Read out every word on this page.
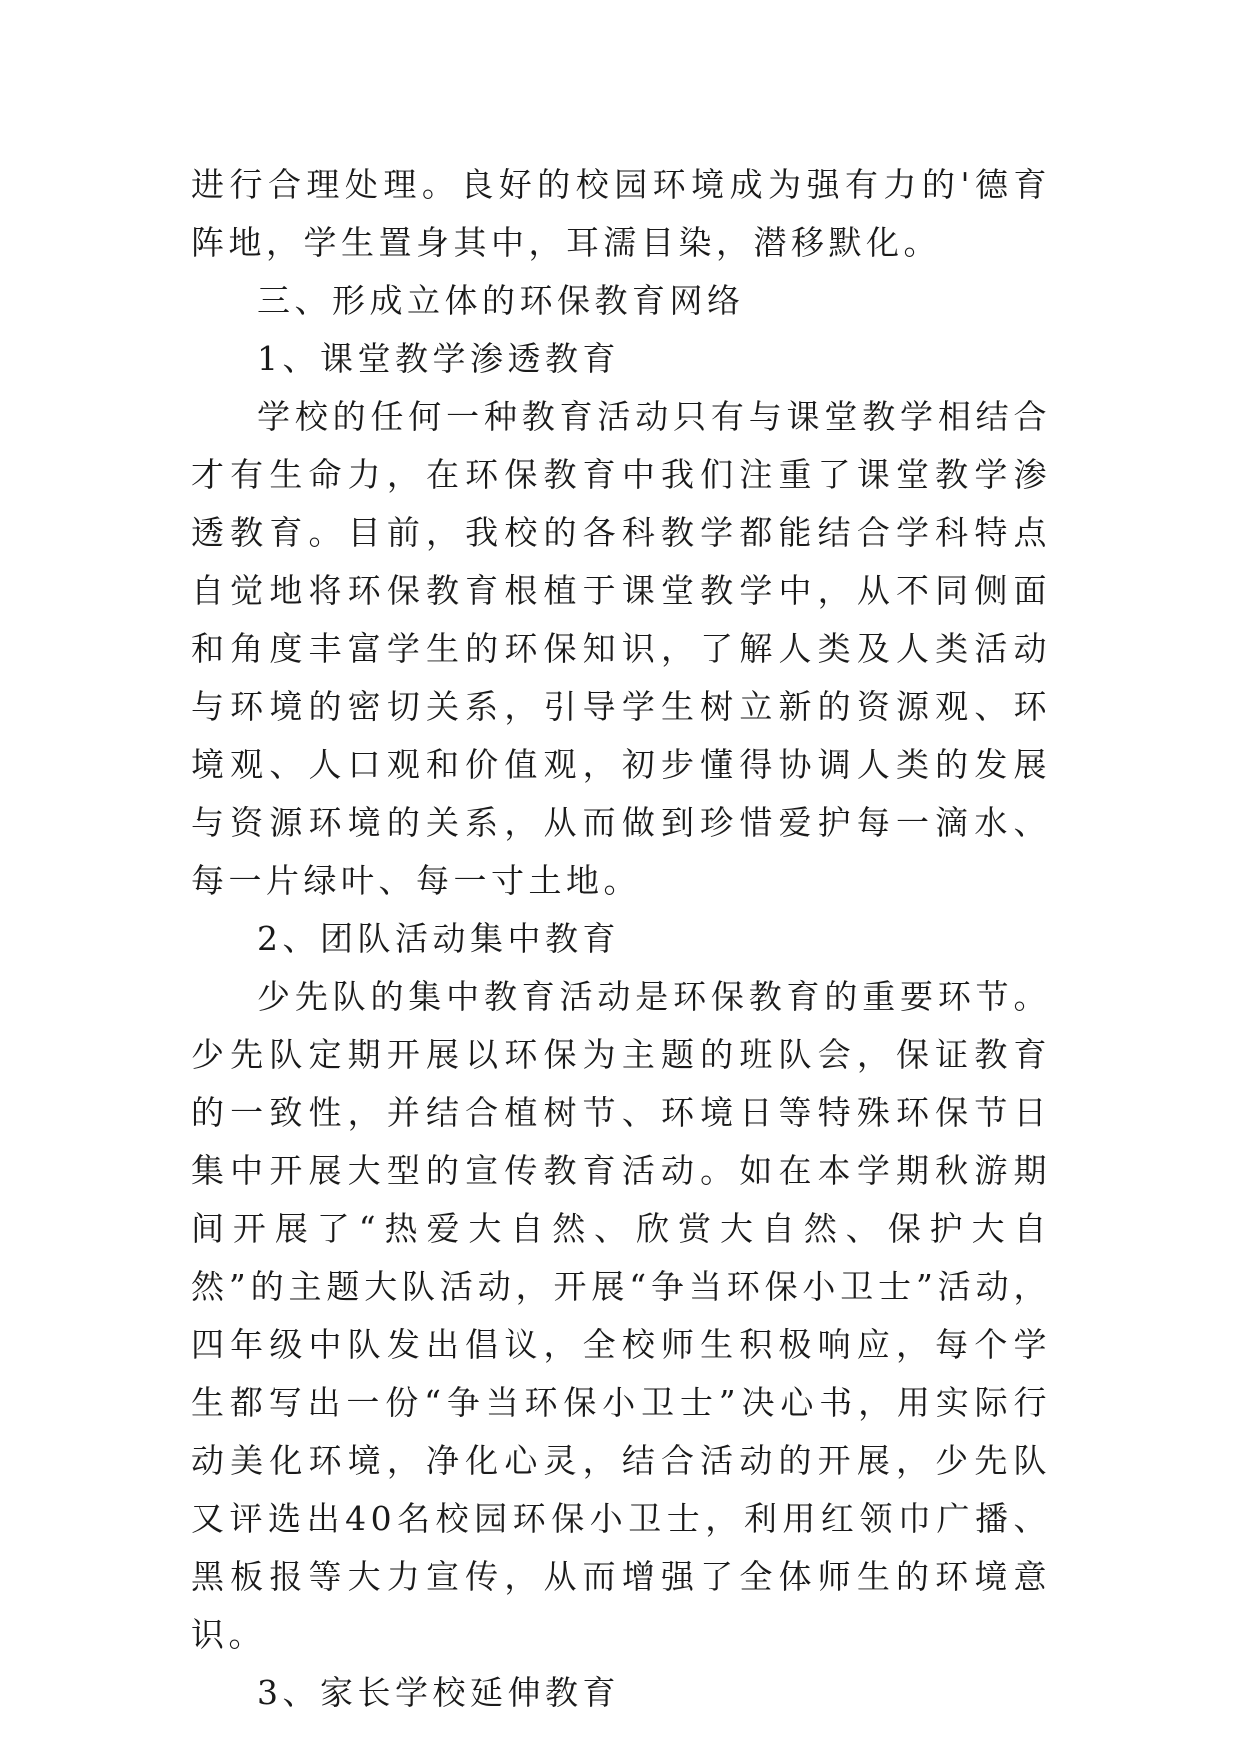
进行合理处理。良好的校园环境成为强有力的'德育阵地，学生置身其中，耳濡目染，潜移默化。

三、形成立体的环保教育网络

1、课堂教学渗透教育

学校的任何一种教育活动只有与课堂教学相结合才有生命力，在环保教育中我们注重了课堂教学渗透教育。目前，我校的各科教学都能结合学科特点自觉地将环保教育根植于课堂教学中，从不同侧面和角度丰富学生的环保知识，了解人类及人类活动与环境的密切关系，引导学生树立新的资源观、环境观、人口观和价值观，初步懂得协调人类的发展与资源环境的关系，从而做到珍惜爱护每一滴水、每一片绿叶、每一寸土地。

2、团队活动集中教育

少先队的集中教育活动是环保教育的重要环节。少先队定期开展以环保为主题的班队会，保证教育的一致性，并结合植树节、环境日等特殊环保节日集中开展大型的宣传教育活动。如在本学期秋游期间开展了“热爱大自然、欣赏大自然、保护大自然”的主题大队活动，开展“争当环保小卫士”活动，四年级中队发出倡议，全校师生积极响应，每个学生都写出一份“争当环保小卫士”决心书，用实际行动美化环境，净化心灵，结合活动的开展，少先队又评选出40名校园环保小卫士，利用红领巾广播、黑板报等大力宣传，从而增强了全体师生的环境意识。

3、家长学校延伸教育
